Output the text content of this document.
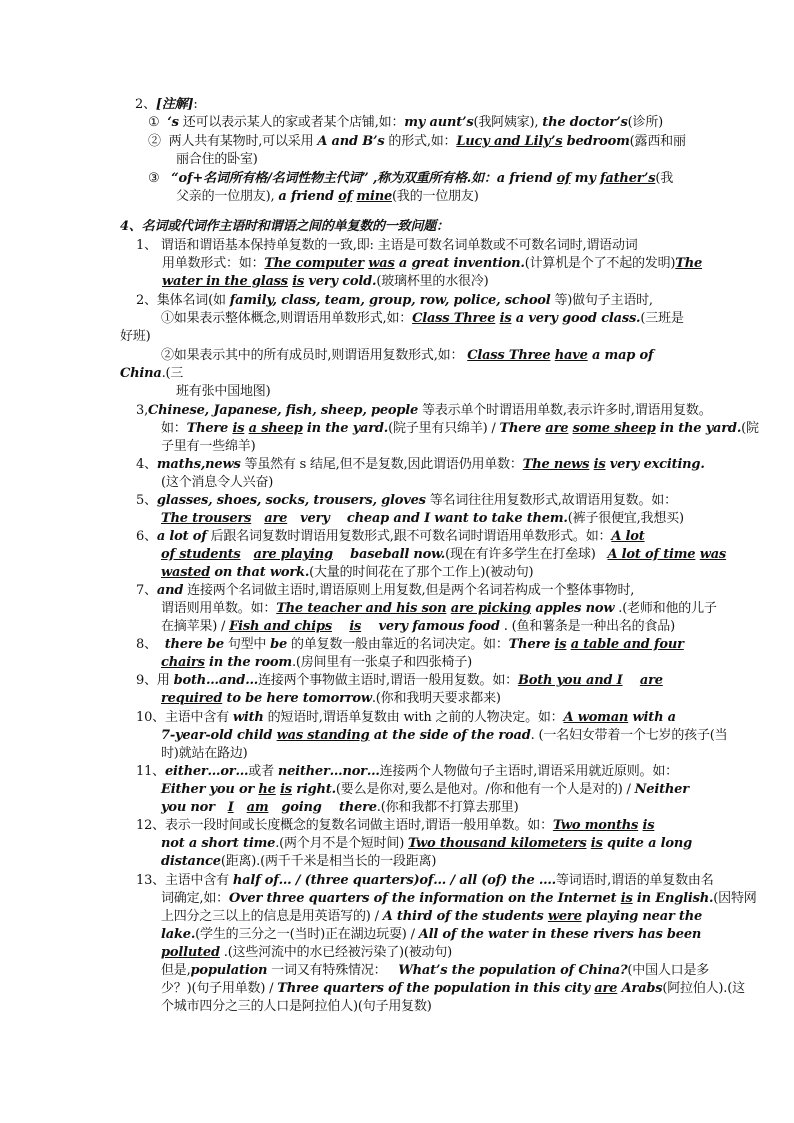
2、[注解]:
①  ‘s 还可以表示某人的家或者某个店铺,如：my aunt’s(我阿姨家), the doctor’s(诊所)
②  两人共有某物时,可以采用 A and B’s 的形式,如：Lucy and Lily’s bedroom(露西和丽
丽合住的卧室)
③   “of+名词所有格/名词性物主代词” ,称为双重所有格.如：a friend of my father’s(我
父亲的一位朋友), a friend of mine(我的一位朋友)
4、名词或代词作主语时和谓语之间的单复数的一致问题：
1、 谓语和谓语基本保持单复数的一致,即: 主语是可数名词单数或不可数名词时,谓语动词
用单数形式：如：The computer was a great invention.(计算机是个了不起的发明)The
water in the glass is very cold.(玻璃杯里的水很冷)
2、集体名词(如 family, class, team, group, row, police, school 等)做句子主语时,
①如果表示整体概念,则谓语用单数形式,如：Class Three is a very good class.(三班是
好班)
②如果表示其中的所有成员时,则谓语用复数形式,如： Class Three have a map of
China.(三
班有张中国地图)
3,Chinese, Japanese, fish, sheep, people 等表示单个时谓语用单数,表示许多时,谓语用复数。
如：There is a sheep in the yard.(院子里有只绵羊) / There are some sheep in the yard.(院
子里有一些绵羊)
4、maths,news 等虽然有 s 结尾,但不是复数,因此谓语仍用单数：The news is very exciting.
(这个消息令人兴奋)
5、glasses, shoes, socks, trousers, gloves 等名词往往用复数形式,故谓语用复数。如：
The trousers are   very    cheap and I want to take them.(裤子很便宜,我想买)
6、a lot of 后跟名词复数时谓语用复数形式,跟不可数名词时谓语用单数形式。如：A lot
of students are playing    baseball now.(现在有许多学生在打垒球)   A lot of time was
wasted on that work.(大量的时间花在了那个工作上)(被动句)
7、and 连接两个名词做主语时,谓语原则上用复数,但是两个名词若构成一个整体事物时,
谓语则用单数。如：The teacher and his son are picking apples now .(老师和他的儿子
在摘苹果) / Fish and chips is    very famous food . (鱼和薯条是一种出名的食品)
8、  there be 句型中 be 的单复数一般由靠近的名词决定。如：There is a table and four
chairs in the room.(房间里有一张桌子和四张椅子)
9、用 both…and…连接两个事物做主语时,谓语一般用复数。如：Both you and I are
required to be here tomorrow.(你和我明天要求都来)
10、主语中含有 with 的短语时,谓语单复数由 with 之前的人物决定。如：A woman with a
7-year-old child was standing at the side of the road. (一名妇女带着一个七岁的孩子(当
时)就站在路边)
11、either…or…或者 neither…nor…连接两个人物做句子主语时,谓语采用就近原则。如：
Either you or he is right.(要么是你对,要么是他对。/你和他有一个人是对的) / Neither
you nor   I am   going    there.(你和我都不打算去那里)
12、表示一段时间或长度概念的复数名词做主语时,谓语一般用单数。如：Two months is
not a short time.(两个月不是个短时间) Two thousand kilometers is quite a long
distance(距离).(两千千米是相当长的一段距离)
13、主语中含有 half of… / (three quarters)of… / all (of) the ….等词语时,谓语的单复数由名
词确定,如：Over three quarters of the information on the Internet is in English.(因特网
上四分之三以上的信息是用英语写的) / A third of the students were playing near the
lake.(学生的三分之一(当时)正在湖边玩耍) / All of the water in these rivers has been
polluted .(这些河流中的水已经被污染了)(被动句)
但是,population 一词又有特殊情况：   What’s the population of China?(中国人口是多
少？)(句子用单数) / Three quarters of the population in this city are Arabs(阿拉伯人).(这
个城市四分之三的人口是阿拉伯人)(句子用复数)
